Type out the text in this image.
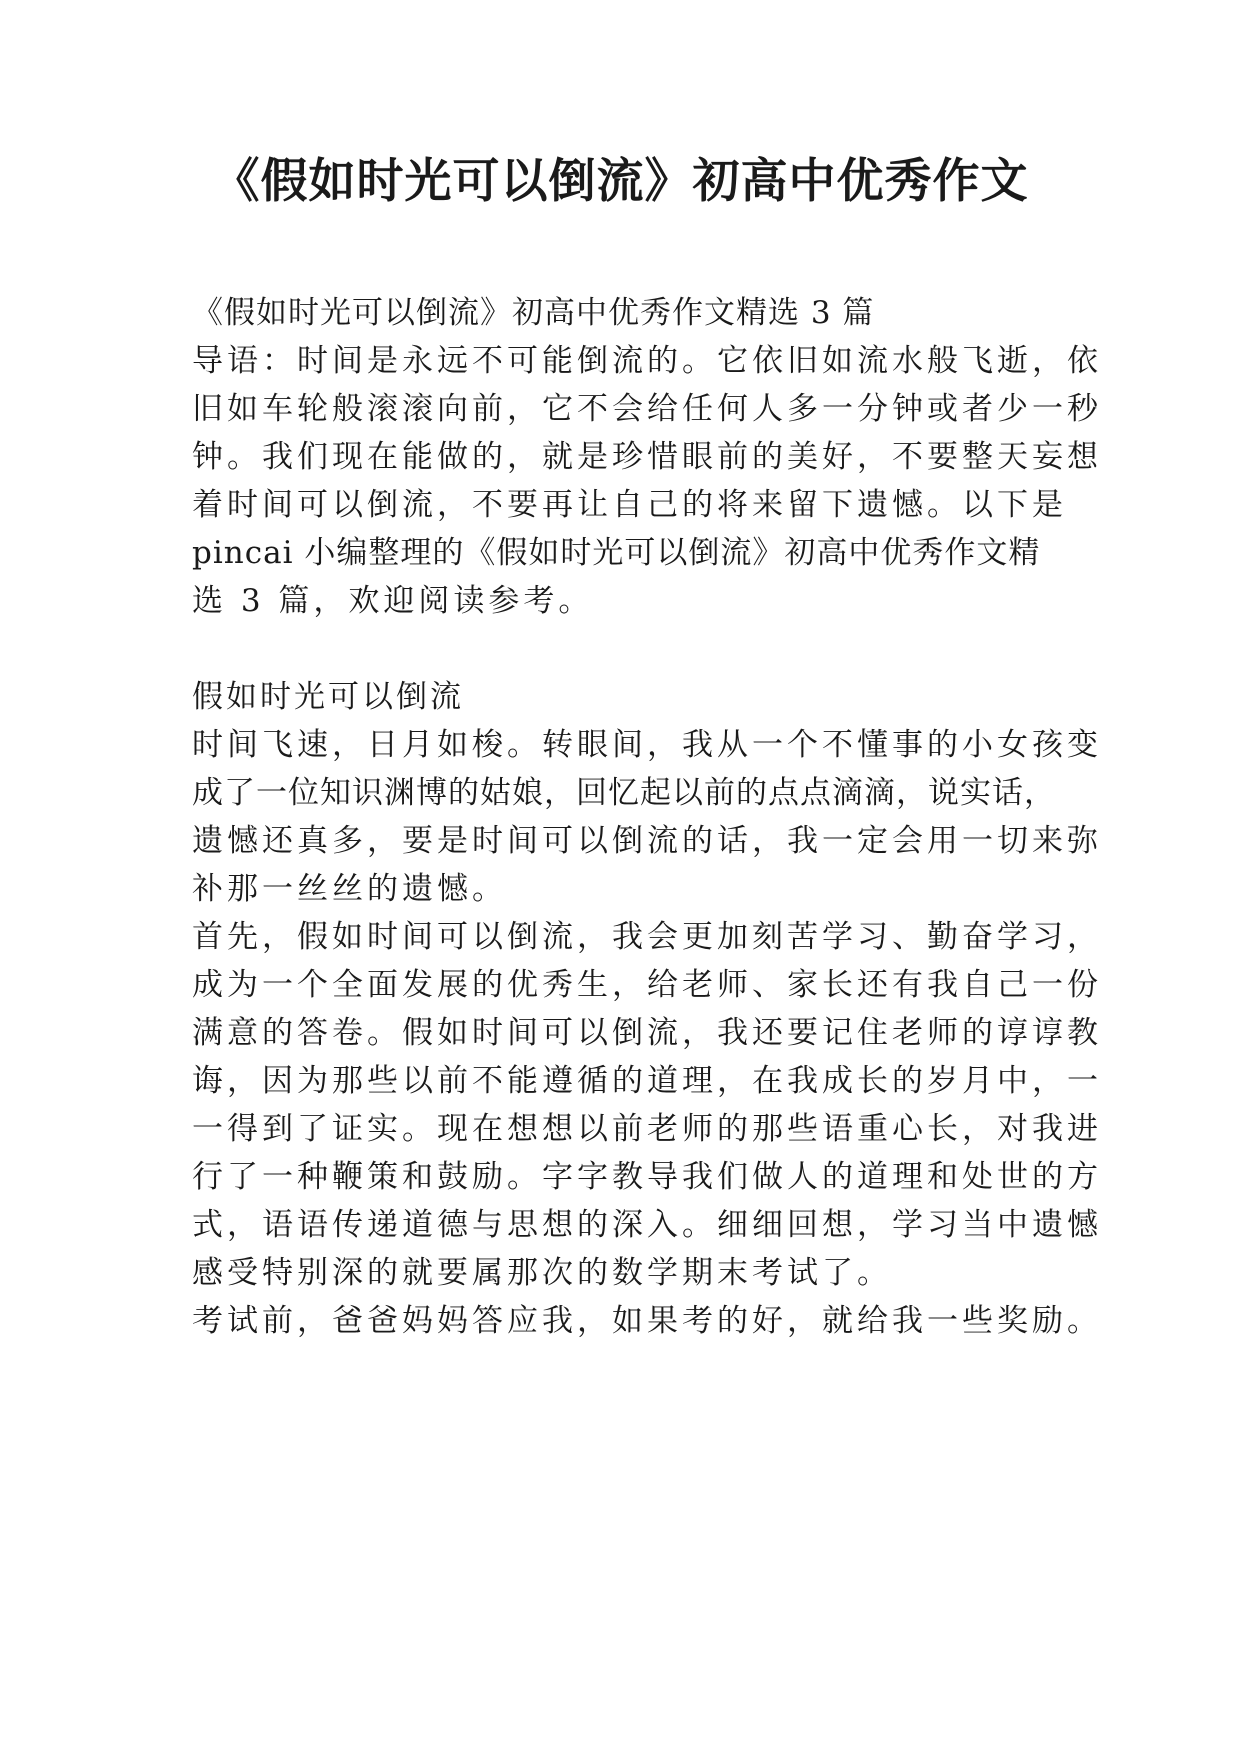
《假如时光可以倒流》初高中优秀作文
《假如时光可以倒流》初高中优秀作文精选 3 篇
导语：时间是永远不可能倒流的。它依旧如流水般飞逝，依
旧如车轮般滚滚向前，它不会给任何人多一分钟或者少一秒
钟。我们现在能做的，就是珍惜眼前的美好，不要整天妄想
着时间可以倒流，不要再让自己的将来留下遗憾。以下是
pincai 小编整理的《假如时光可以倒流》初高中优秀作文精
选 3 篇，欢迎阅读参考。
假如时光可以倒流
时间飞速，日月如梭。转眼间，我从一个不懂事的小女孩变
成了一位知识渊博的姑娘，回忆起以前的点点滴滴，说实话，
遗憾还真多，要是时间可以倒流的话，我一定会用一切来弥
补那一丝丝的遗憾。
首先，假如时间可以倒流，我会更加刻苦学习、勤奋学习，
成为一个全面发展的优秀生，给老师、家长还有我自己一份
满意的答卷。假如时间可以倒流，我还要记住老师的谆谆教
诲，因为那些以前不能遵循的道理，在我成长的岁月中，一
一得到了证实。现在想想以前老师的那些语重心长，对我进
行了一种鞭策和鼓励。字字教导我们做人的道理和处世的方
式，语语传递道德与思想的深入。细细回想，学习当中遗憾
感受特别深的就要属那次的数学期末考试了。
考试前，爸爸妈妈答应我，如果考的好，就给我一些奖励。
